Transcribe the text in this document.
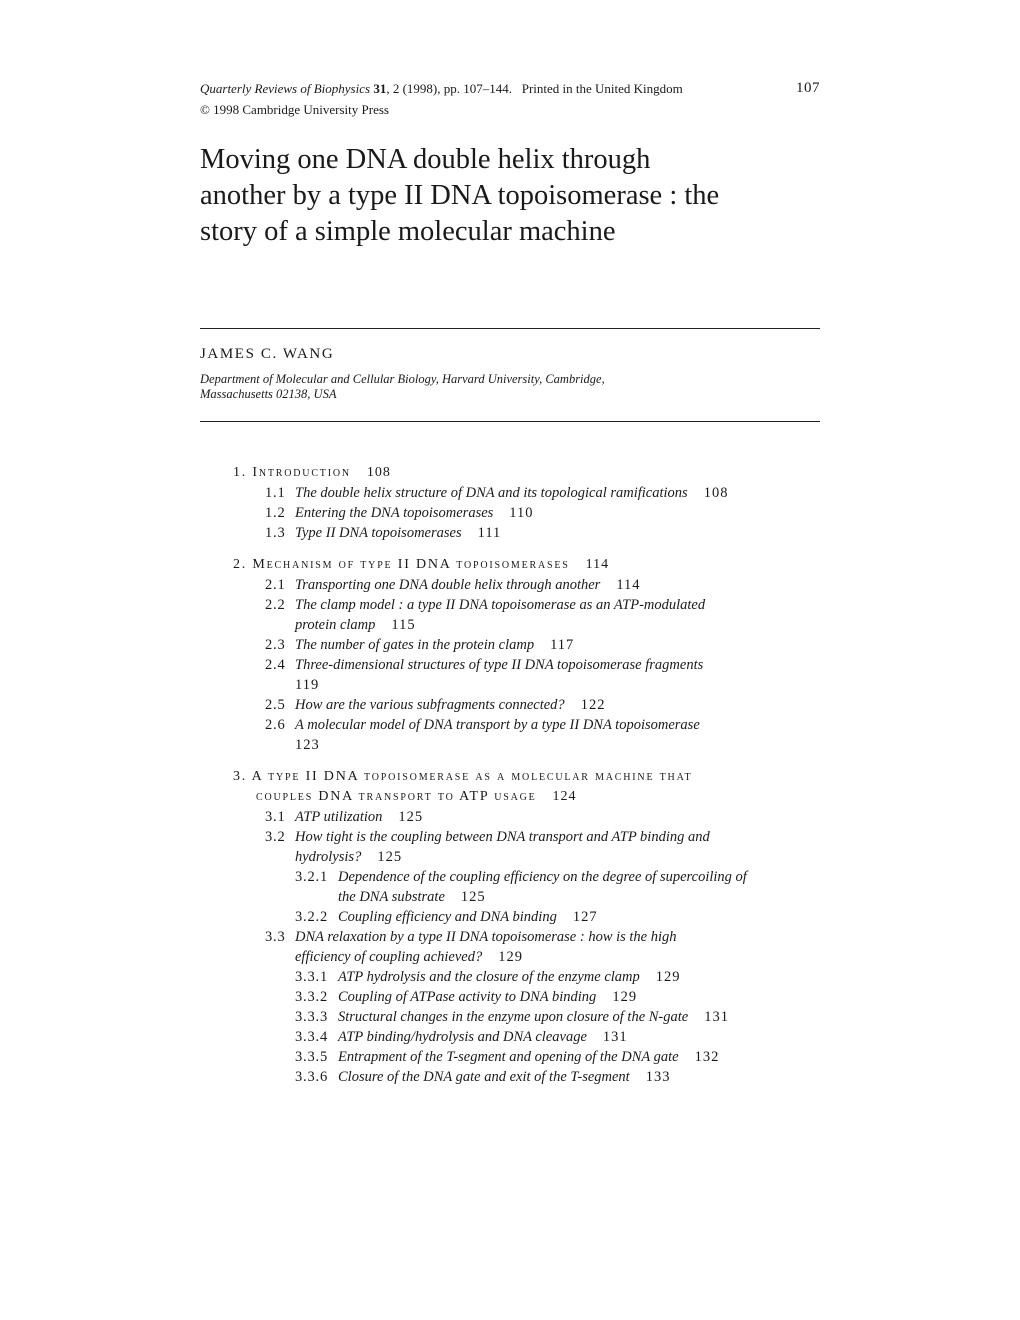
Quarterly Reviews of Biophysics 31, 2 (1998), pp. 107–144. Printed in the United Kingdom	107
© 1998 Cambridge University Press
Moving one DNA double helix through
another by a type II DNA topoisomerase : the
story of a simple molecular machine
JAMES C. WANG
Department of Molecular and Cellular Biology, Harvard University, Cambridge,
Massachusetts 02138, USA
1. Introduction 108
1.1 The double helix structure of DNA and its topological ramifications 108
1.2 Entering the DNA topoisomerases 110
1.3 Type II DNA topoisomerases 111
2. Mechanism of type II DNA topoisomerases 114
2.1 Transporting one DNA double helix through another 114
2.2 The clamp model : a type II DNA topoisomerase as an ATP-modulated
protein clamp 115
2.3 The number of gates in the protein clamp 117
2.4 Three-dimensional structures of type II DNA topoisomerase fragments
119
2.5 How are the various subfragments connected? 122
2.6 A molecular model of DNA transport by a type II DNA topoisomerase
123
3. A type II DNA topoisomerase as a molecular machine that
couples DNA transport to ATP usage 124
3.1 ATP utilization 125
3.2 How tight is the coupling between DNA transport and ATP binding and
hydrolysis? 125
3.2.1 Dependence of the coupling efficiency on the degree of supercoiling of
the DNA substrate 125
3.2.2 Coupling efficiency and DNA binding 127
3.3 DNA relaxation by a type II DNA topoisomerase : how is the high
efficiency of coupling achieved? 129
3.3.1 ATP hydrolysis and the closure of the enzyme clamp 129
3.3.2 Coupling of ATPase activity to DNA binding 129
3.3.3 Structural changes in the enzyme upon closure of the N-gate 131
3.3.4 ATP binding/hydrolysis and DNA cleavage 131
3.3.5 Entrapment of the T-segment and opening of the DNA gate 132
3.3.6 Closure of the DNA gate and exit of the T-segment 133
